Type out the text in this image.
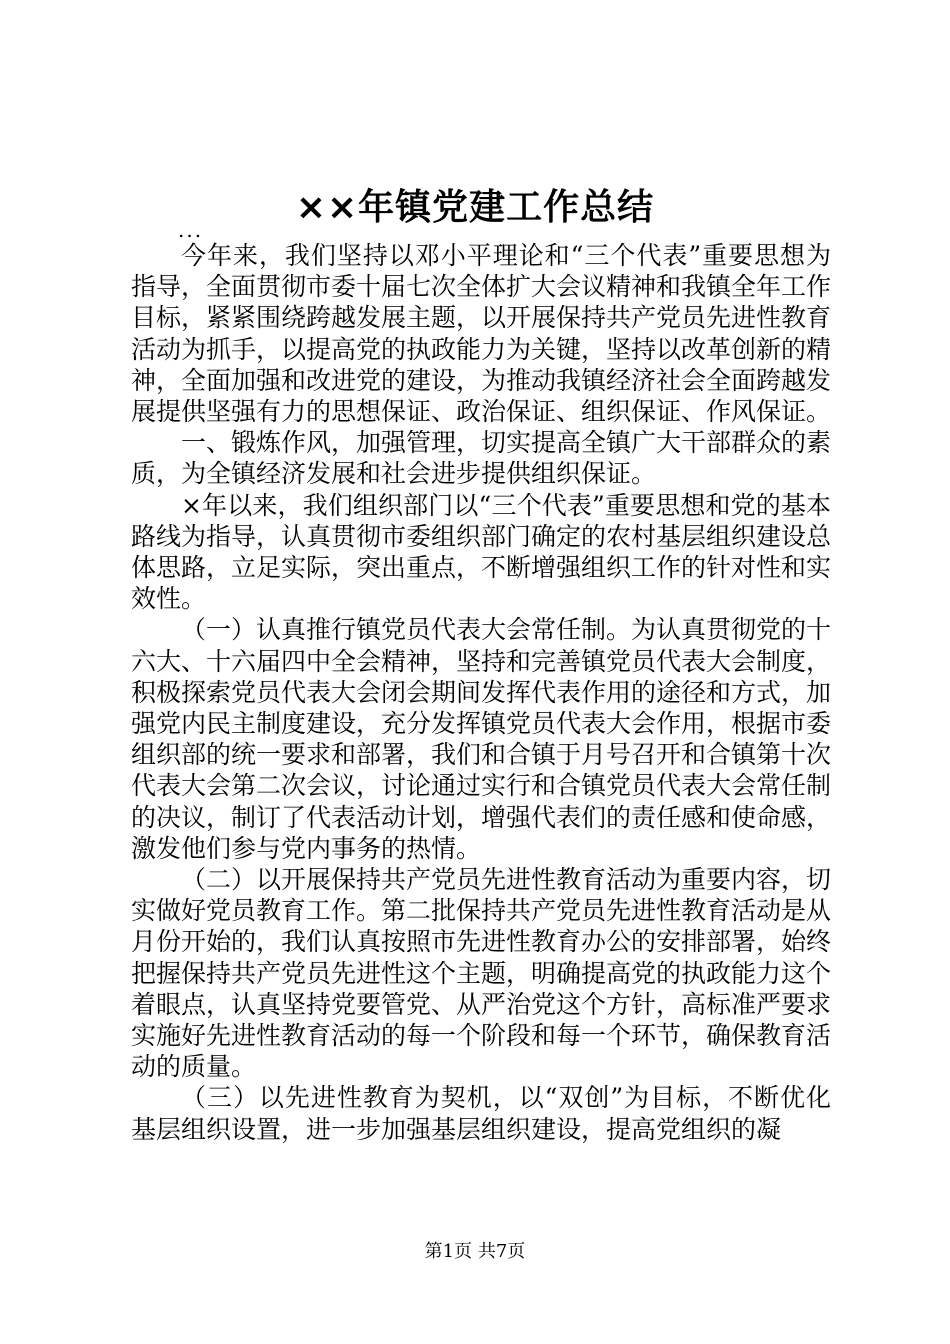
××年镇党建工作总结
...

今年来，我们坚持以邓小平理论和“三个代表”重要思想为指导，全面贯彻市委十届七次全体扩大会议精神和我镇全年工作目标，紧紧围绕跨越发展主题，以开展保持共产党员先进性教育活动为抓手，以提高党的执政能力为关键，坚持以改革创新的精神，全面加强和改进党的建设，为推动我镇经济社会全面跨越发展提供坚强有力的思想保证、政治保证、组织保证、作风保证。

一、锻炼作风，加强管理，切实提高全镇广大干部群众的素质，为全镇经济发展和社会进步提供组织保证。

×年以来，我们组织部门以“三个代表”重要思想和党的基本路线为指导，认真贯彻市委组织部门确定的农村基层组织建设总体思路，立足实际，突出重点，不断增强组织工作的针对性和实效性。

（一）认真推行镇党员代表大会常任制。为认真贯彻党的十六大、十六届四中全会精神，坚持和完善镇党员代表大会制度，积极探索党员代表大会闭会期间发挥代表作用的途径和方式，加强党内民主制度建设，充分发挥镇党员代表大会作用，根据市委组织部的统一要求和部署，我们和合镇于月号召开和合镇第十次代表大会第二次会议，讨论通过实行和合镇党员代表大会常任制的决议，制订了代表活动计划，增强代表们的责任感和使命感，激发他们参与党内事务的热情。

（二）以开展保持共产党员先进性教育活动为重要内容，切实做好党员教育工作。第二批保持共产党员先进性教育活动是从月份开始的，我们认真按照市先进性教育办公的安排部署，始终把握保持共产党员先进性这个主题，明确提高党的执政能力这个着眼点，认真坚持党要管党、从严治党这个方针，高标准严要求实施好先进性教育活动的每一个阶段和每一个环节，确保教育活动的质量。

（三）以先进性教育为契机，以“双创”为目标，不断优化基层组织设置，进一步加强基层组织建设，提高党组织的凝

第1页 共7页
